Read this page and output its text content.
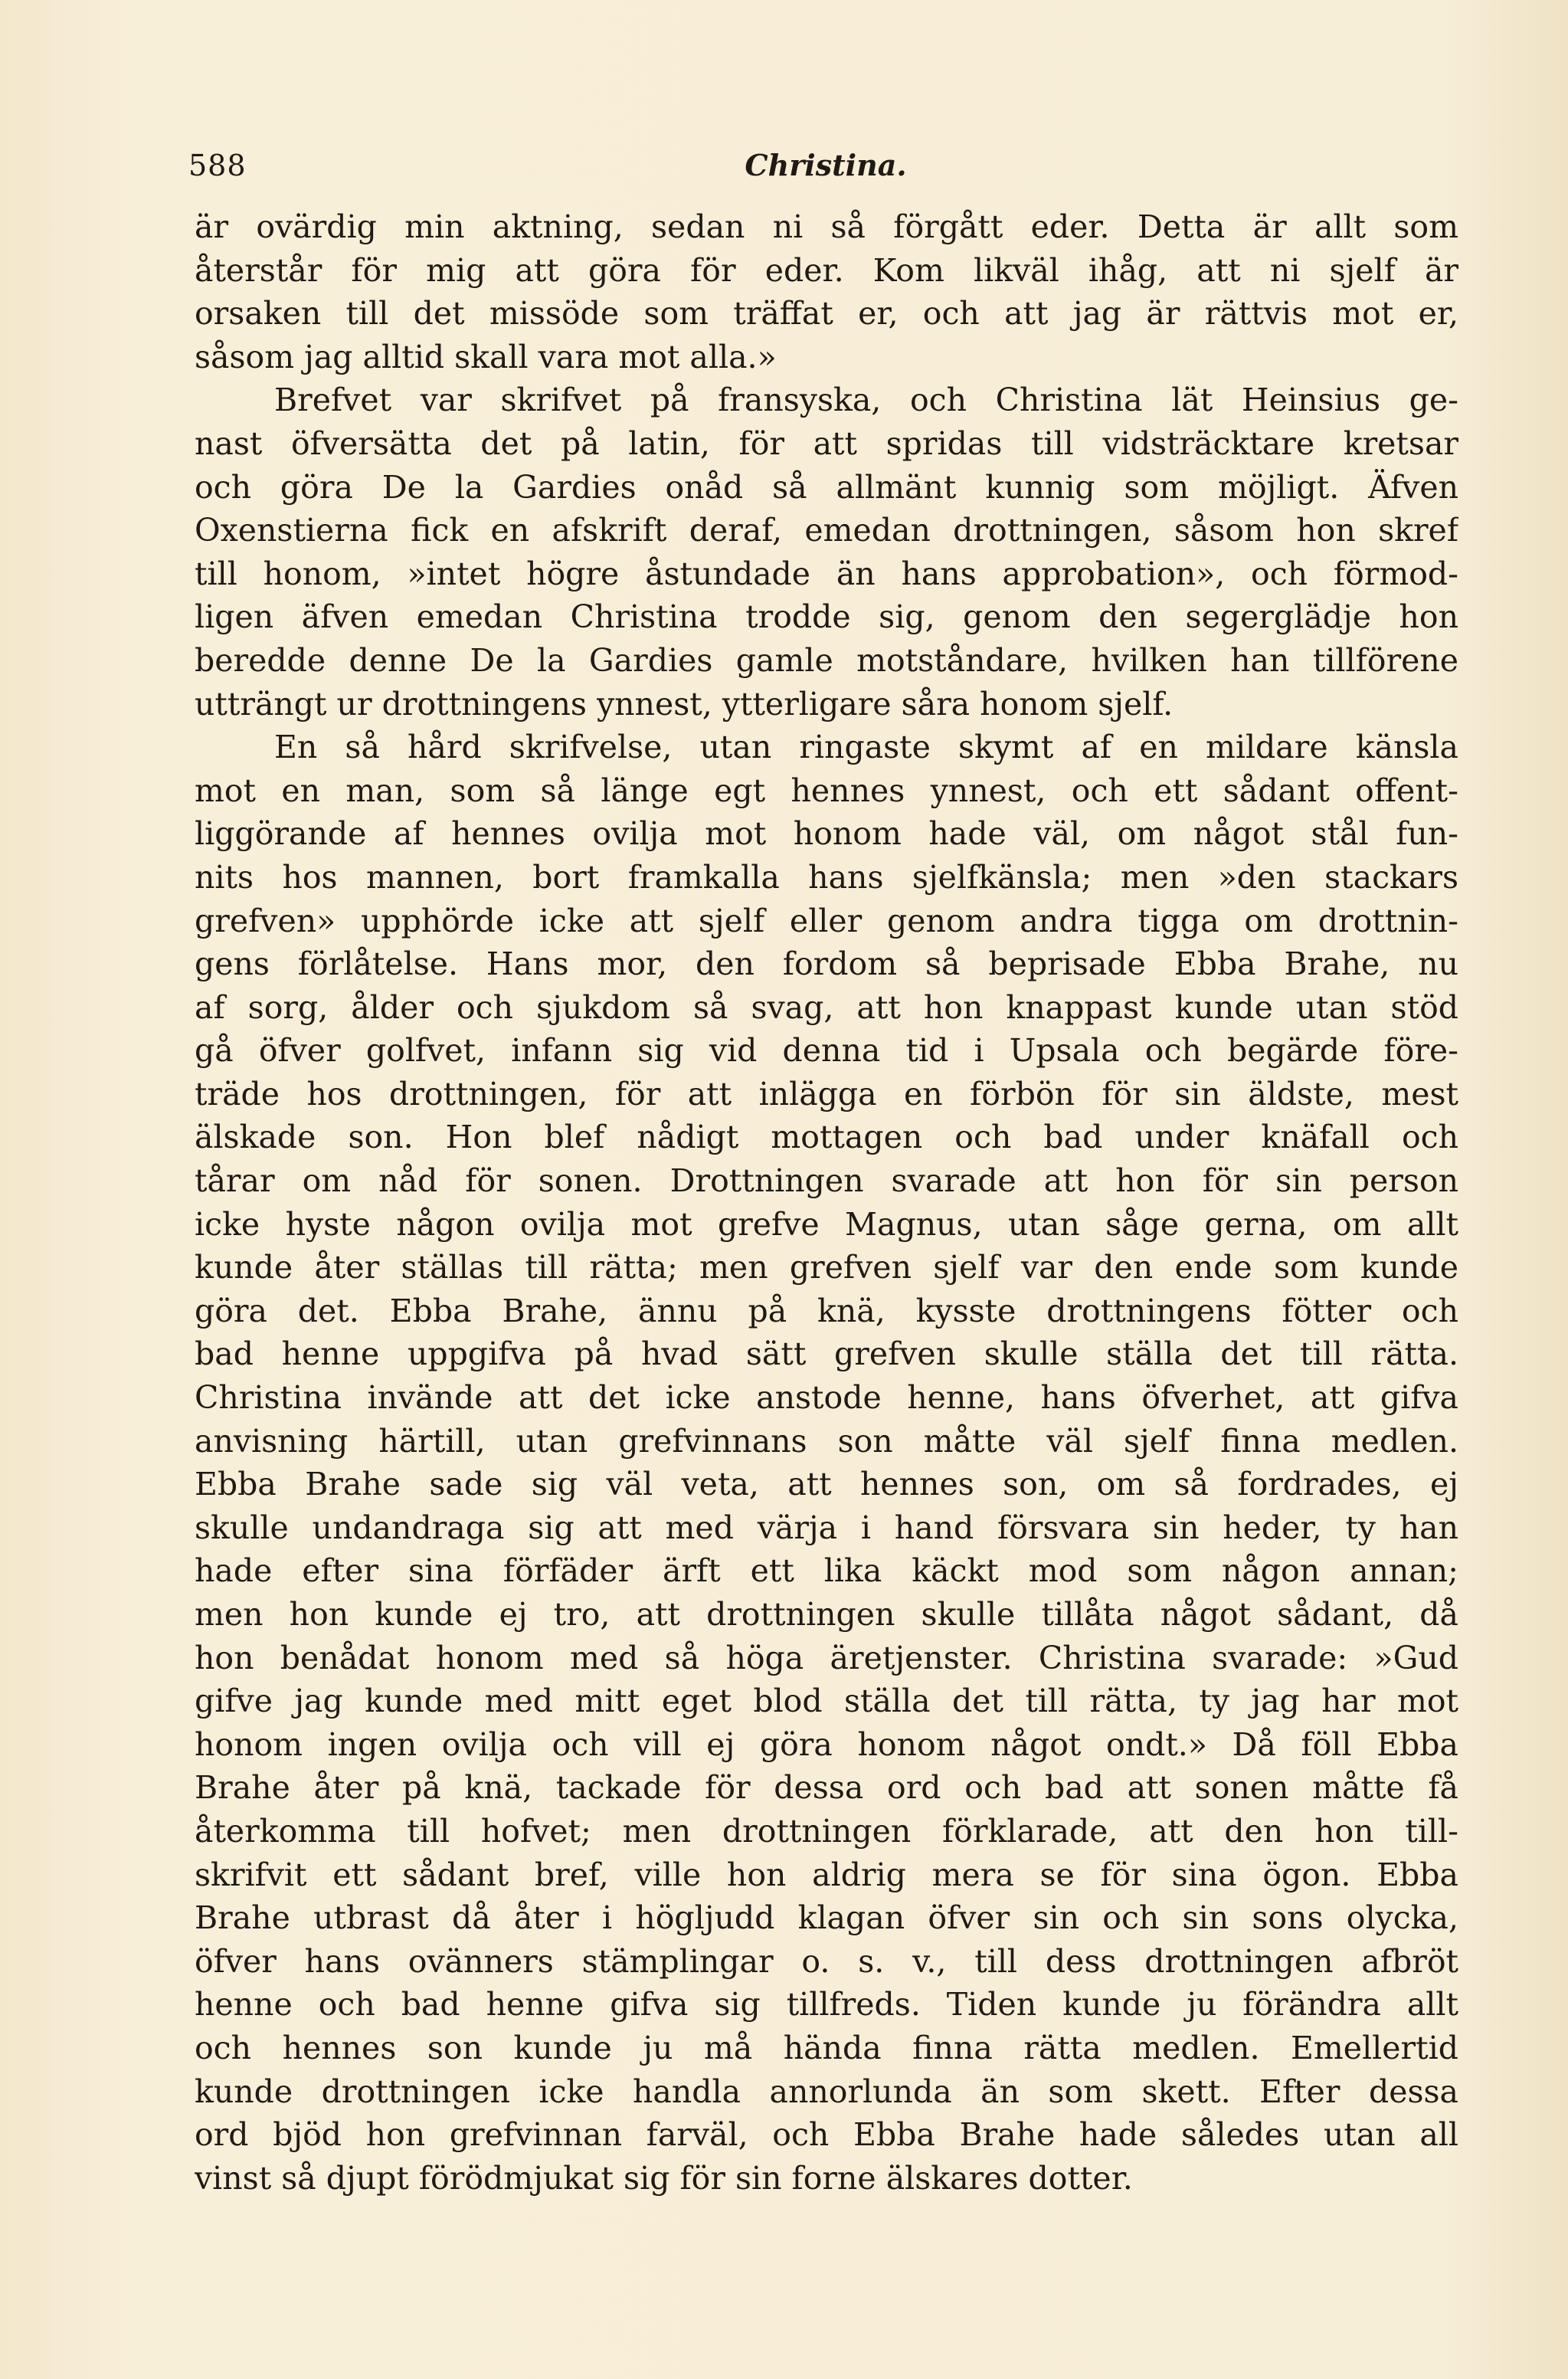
588	Christina.
är ovärdig min aktning, sedan ni så förgått eder. Detta är allt som
återstår för mig att göra för eder. Kom likväl ihåg, att ni sjelf är
orsaken till det missöde som träffat er, och att jag är rättvis mot er,
såsom jag alltid skall vara mot alla.»
Brefvet var skrifvet på fransyska, och Christina lät Heinsius ge-
nast öfversätta det på latin, för att spridas till vidsträcktare kretsar
och göra De la Gardies onåd så allmänt kunnig som möjligt. Äfven
Oxenstierna fick en afskrift deraf, emedan drottningen, såsom hon skref
till honom, »intet högre åstundade än hans approbation», och förmod-
ligen äfven emedan Christina trodde sig, genom den segerglädje hon
beredde denne De la Gardies gamle motståndare, hvilken han tillförene
utträngt ur drottningens ynnest, ytterligare såra honom sjelf.
En så hård skrifvelse, utan ringaste skymt af en mildare känsla
mot en man, som så länge egt hennes ynnest, och ett sådant offent-
liggörande af hennes ovilja mot honom hade väl, om något stål fun-
nits hos mannen, bort framkalla hans sjelfkänsla; men »den stackars
grefven» upphörde icke att sjelf eller genom andra tigga om drottnin-
gens förlåtelse. Hans mor, den fordom så beprisade Ebba Brahe, nu
af sorg, ålder och sjukdom så svag, att hon knappast kunde utan stöd
gå öfver golfvet, infann sig vid denna tid i Upsala och begärde före-
träde hos drottningen, för att inlägga en förbön för sin äldste, mest
älskade son. Hon blef nådigt mottagen och bad under knäfall och
tårar om nåd för sonen. Drottningen svarade att hon för sin person
icke hyste någon ovilja mot grefve Magnus, utan såge gerna, om allt
kunde åter ställas till rätta; men grefven sjelf var den ende som kunde
göra det. Ebba Brahe, ännu på knä, kysste drottningens fötter och
bad henne uppgifva på hvad sätt grefven skulle ställa det till rätta.
Christina invände att det icke anstode henne, hans öfverhet, att gifva
anvisning härtill, utan grefvinnans son måtte väl sjelf finna medlen.
Ebba Brahe sade sig väl veta, att hennes son, om så fordrades, ej
skulle undandraga sig att med värja i hand försvara sin heder, ty han
hade efter sina förfäder ärft ett lika käckt mod som någon annan;
men hon kunde ej tro, att drottningen skulle tillåta något sådant, då
hon benådat honom med så höga äretjenster. Christina svarade: »Gud
gifve jag kunde med mitt eget blod ställa det till rätta, ty jag har mot
honom ingen ovilja och vill ej göra honom något ondt.» Då föll Ebba
Brahe åter på knä, tackade för dessa ord och bad att sonen måtte få
återkomma till hofvet; men drottningen förklarade, att den hon till-
skrifvit ett sådant bref, ville hon aldrig mera se för sina ögon. Ebba
Brahe utbrast då åter i högljudd klagan öfver sin och sin sons olycka,
öfver hans ovänners stämplingar o. s. v., till dess drottningen afbröt
henne och bad henne gifva sig tillfreds. Tiden kunde ju förändra allt
och hennes son kunde ju må hända finna rätta medlen. Emellertid
kunde drottningen icke handla annorlunda än som skett. Efter dessa
ord bjöd hon grefvinnan farväl, och Ebba Brahe hade således utan all
vinst så djupt förödmjukat sig för sin forne älskares dotter.
